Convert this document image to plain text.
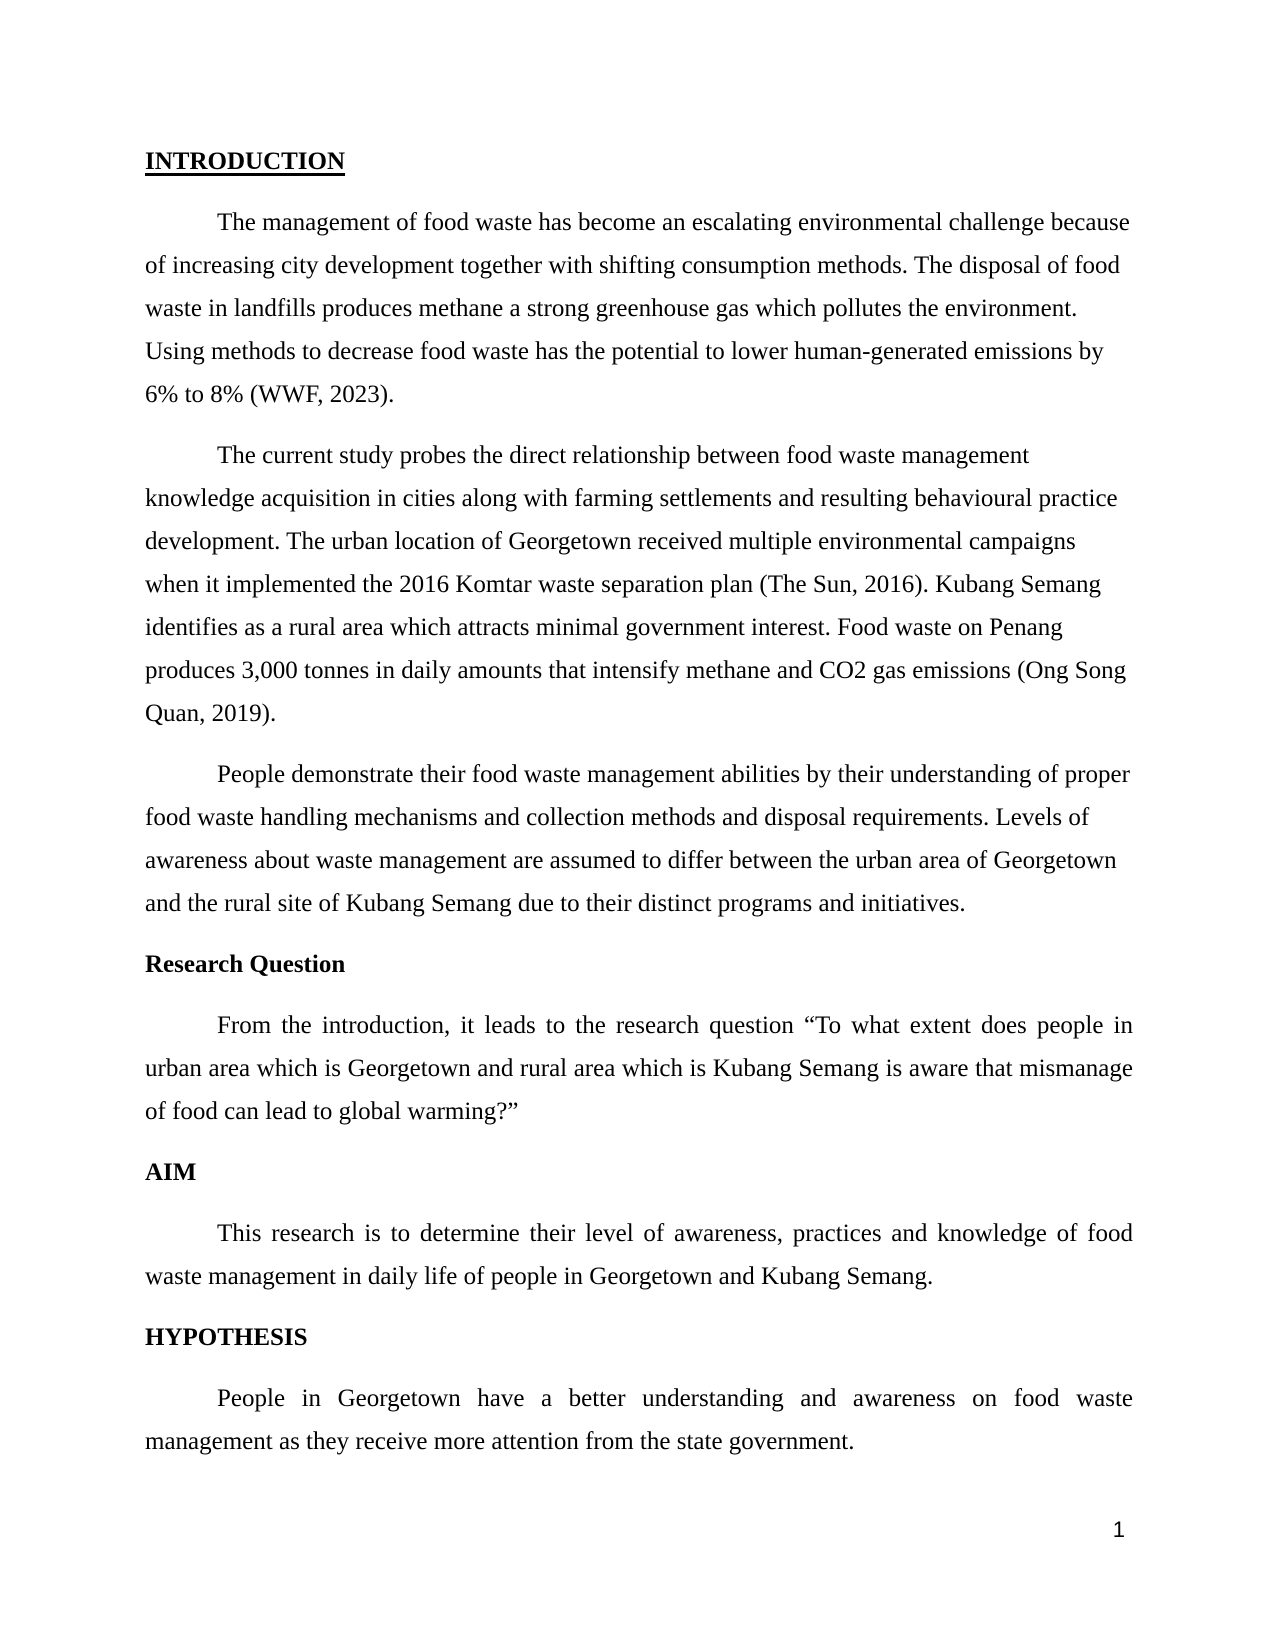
INTRODUCTION

The management of food waste has become an escalating environmental challenge because of increasing city development together with shifting consumption methods. The disposal of food waste in landfills produces methane a strong greenhouse gas which pollutes the environment. Using methods to decrease food waste has the potential to lower human-generated emissions by 6% to 8% (WWF, 2023).

The current study probes the direct relationship between food waste management knowledge acquisition in cities along with farming settlements and resulting behavioural practice development. The urban location of Georgetown received multiple environmental campaigns when it implemented the 2016 Komtar waste separation plan (The Sun, 2016). Kubang Semang identifies as a rural area which attracts minimal government interest. Food waste on Penang produces 3,000 tonnes in daily amounts that intensify methane and CO2 gas emissions (Ong Song Quan, 2019).

People demonstrate their food waste management abilities by their understanding of proper food waste handling mechanisms and collection methods and disposal requirements. Levels of awareness about waste management are assumed to differ between the urban area of Georgetown and the rural site of Kubang Semang due to their distinct programs and initiatives.

Research Question

From the introduction, it leads to the research question “To what extent does people in urban area which is Georgetown and rural area which is Kubang Semang is aware that mismanage of food can lead to global warming?”

AIM

This research is to determine their level of awareness, practices and knowledge of food waste management in daily life of people in Georgetown and Kubang Semang.

HYPOTHESIS

People in Georgetown have a better understanding and awareness on food waste management as they receive more attention from the state government.

1
